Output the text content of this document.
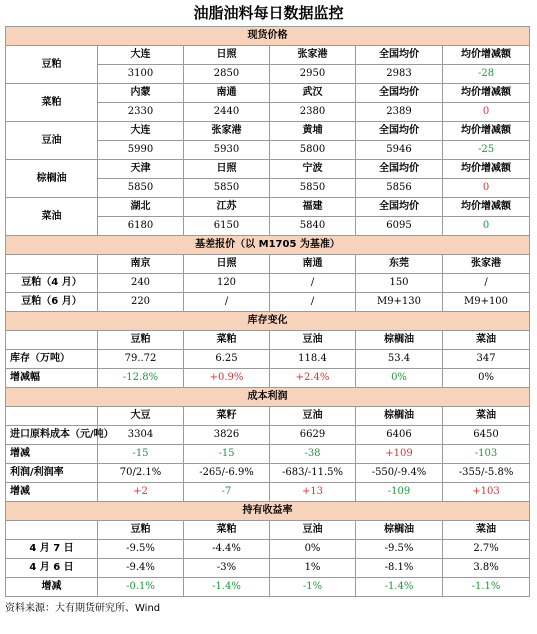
油脂油料每日数据监控
现货价格					
豆粕	大连	日照	张家港	全国均价	均价增减额
	3100	2850	2950	2983	-28
菜粕	内蒙	南通	武汉	全国均价	均价增减额
	2330	2440	2380	2389	0
豆油	大连	张家港	黄埔	全国均价	均价增减额
	5990	5930	5800	5946	-25
棕榈油	天津	日照	宁波	全国均价	均价增减额
	5850	5850	5850	5856	0
菜油	湖北	江苏	福建	全国均价	均价增减额
	6180	6150	5840	6095	0
基差报价（以 M1705 为基准）					
	南京	日照	南通	东莞	张家港
豆粕（4 月）	240	120	/	150	/
豆粕（6 月）	220	/	/	M9+130	M9+100
库存变化					
	豆粕	菜粕	豆油	棕榈油	菜油
库存（万吨）	79..72	6.25	118.4	53.4	347
增减幅	-12.8%	+0.9%	+2.4%	0%	0%
成本利润					
	大豆	菜籽	豆油	棕榈油	菜油
进口原料成本（元/吨）	3304	3826	6629	6406	6450
增减	-15	-15	-38	+109	-103
利润/利润率	70/2.1%	-265/-6.9%	-683/-11.5%	-550/-9.4%	-355/-5.8%
增减	+2	-7	+13	-109	+103
持有收益率					
	豆粕	菜粕	豆油	棕榈油	菜油
4 月 7 日	-9.5%	-4.4%	0%	-9.5%	2.7%
4 月 6 日	-9.4%	-3%	1%	-8.1%	3.8%
增减	-0.1%	-1.4%	-1%	-1.4%	-1.1%
资料来源：大有期货研究所、Wind
